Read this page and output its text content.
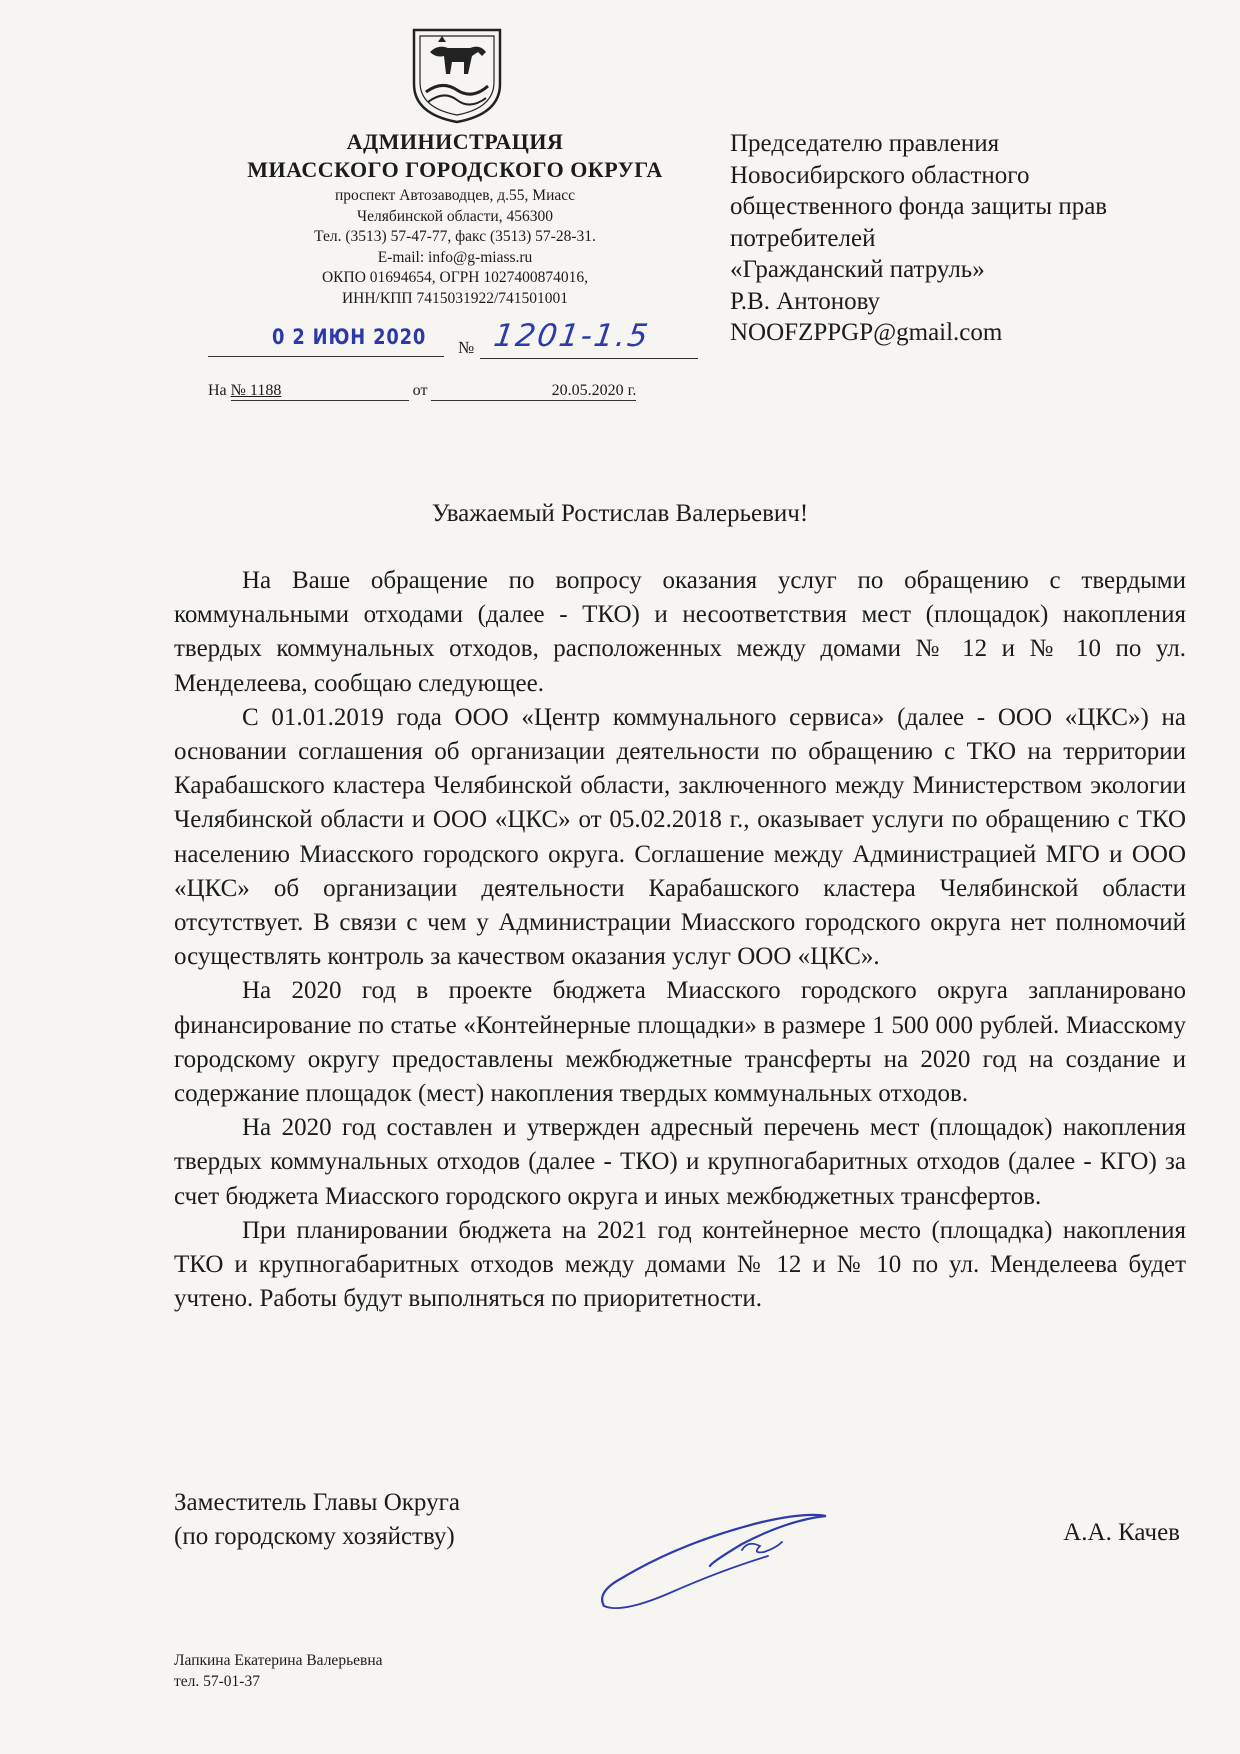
АДМИНИСТРАЦИЯ
МИАССКОГО ГОРОДСКОГО ОКРУГА
проспект Автозаводцев, д.55, Миасс
Челябинской области, 456300
Тел. (3513) 57-47-77, факс (3513) 57-28-31.
E-mail: info@g-miass.ru
ОКПО 01694654, ОГРН 1027400874016,
ИНН/КПП 7415031922/741501001
0 2 ИЮН 2020 № 1201-1.5
На № 1188	от	20.05.2020 г.
Председателю правления
Новосибирского областного
общественного фонда защиты прав
потребителей
«Гражданский патруль»
Р.В. Антонову
NOOFZPPGP@gmail.com
Уважаемый Ростислав Валерьевич!

На Ваше обращение по вопросу оказания услуг по обращению с твердыми коммунальными отходами (далее - ТКО) и несоответствия мест (площадок) накопления твердых коммунальных отходов, расположенных между домами № 12 и № 10 по ул. Менделеева, сообщаю следующее.

С 01.01.2019 года ООО «Центр коммунального сервиса» (далее - ООО «ЦКС») на основании соглашения об организации деятельности по обращению с ТКО на территории Карабашского кластера Челябинской области, заключенного между Министерством экологии Челябинской области и ООО «ЦКС» от 05.02.2018 г., оказывает услуги по обращению с ТКО населению Миасского городского округа. Соглашение между Администрацией МГО и ООО «ЦКС» об организации деятельности Карабашского кластера Челябинской области отсутствует. В связи с чем у Администрации Миасского городского округа нет полномочий осуществлять контроль за качеством оказания услуг ООО «ЦКС».

На 2020 год в проекте бюджета Миасского городского округа запланировано финансирование по статье «Контейнерные площадки» в размере 1 500 000 рублей. Миасскому городскому округу предоставлены межбюджетные трансферты на 2020 год на создание и содержание площадок (мест) накопления твердых коммунальных отходов.

На 2020 год составлен и утвержден адресный перечень мест (площадок) накопления твердых коммунальных отходов (далее - ТКО) и крупногабаритных отходов (далее - КГО) за счет бюджета Миасского городского округа и иных межбюджетных трансфертов.

При планировании бюджета на 2021 год контейнерное место (площадка) накопления ТКО и крупногабаритных отходов между домами № 12 и № 10 по ул. Менделеева будет учтено. Работы будут выполняться по приоритетности.

Заместитель Главы Округа
(по городскому хозяйству)	А.А. Качев
Лапкина Екатерина Валерьевна
тел. 57-01-37
